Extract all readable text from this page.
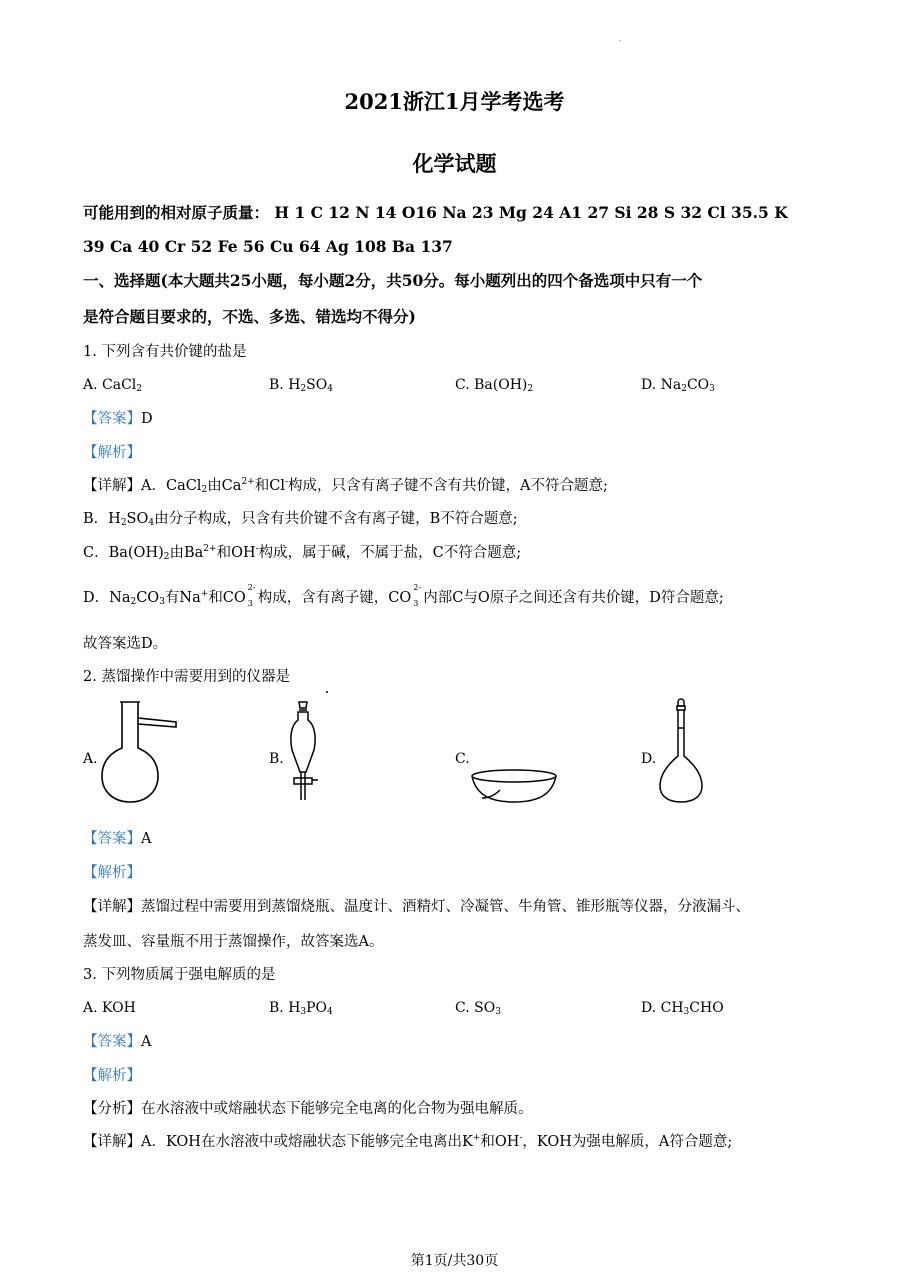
.
2021浙江1月学考选考
化学试题
可能用到的相对原子质量： H 1 C 12 N 14 O16 Na 23 Mg 24 A1 27 Si 28 S 32 Cl 35.5 K
39 Ca 40 Cr 52 Fe 56 Cu 64 Ag 108 Ba 137
一、选择题(本大题共25小题，每小题2分，共50分。每小题列出的四个备选项中只有一个
是符合题目要求的，不选、多选、错选均不得分)
1. 下列含有共价键的盐是
A. CaCl$_2$	B. $H_2SO_4$	C. $Ba(OH)_2$	D. $Na_2CO_3$
【答案】D
【解析】
【详解】A．CaCl$_2$由$Ca^{2+}$和Cl-构成，只含有离子键不含有共价键，A不符合题意;
B．$H_2SO_4$由分子构成，只含有共价键不含有离子键，B不符合题意;
C．$Ba(OH)_2$由$Ba^{2+}$和OH-构成，属于碱，不属于盐，C不符合题意;
D．$Na_2CO_3$有Na+和CO
2-
3 构成，含有离子键，CO
2-
3 内部C与O原子之间还含有共价键，D符合题意;
故答案选D。
2. 蒸馏操作中需要用到的仪器是
A.	B.	C.	D.
【答案】A
【解析】
【详解】蒸馏过程中需要用到蒸馏烧瓶、温度计、酒精灯、冷凝管、牛角管、锥形瓶等仪器，分液漏斗、
蒸发皿、容量瓶不用于蒸馏操作，故答案选A。
3. 下列物质属于强电解质的是
A. KOH	B. $H_3PO_4$	C. $SO_3$	D. $CH_3CHO$
【答案】A
【解析】
【分析】在水溶液中或熔融状态下能够完全电离的化合物为强电解质。
【详解】A．KOH在水溶液中或熔融状态下能够完全电离出K+和OH-，KOH为强电解质，A符合题意;
第1页/共30页
